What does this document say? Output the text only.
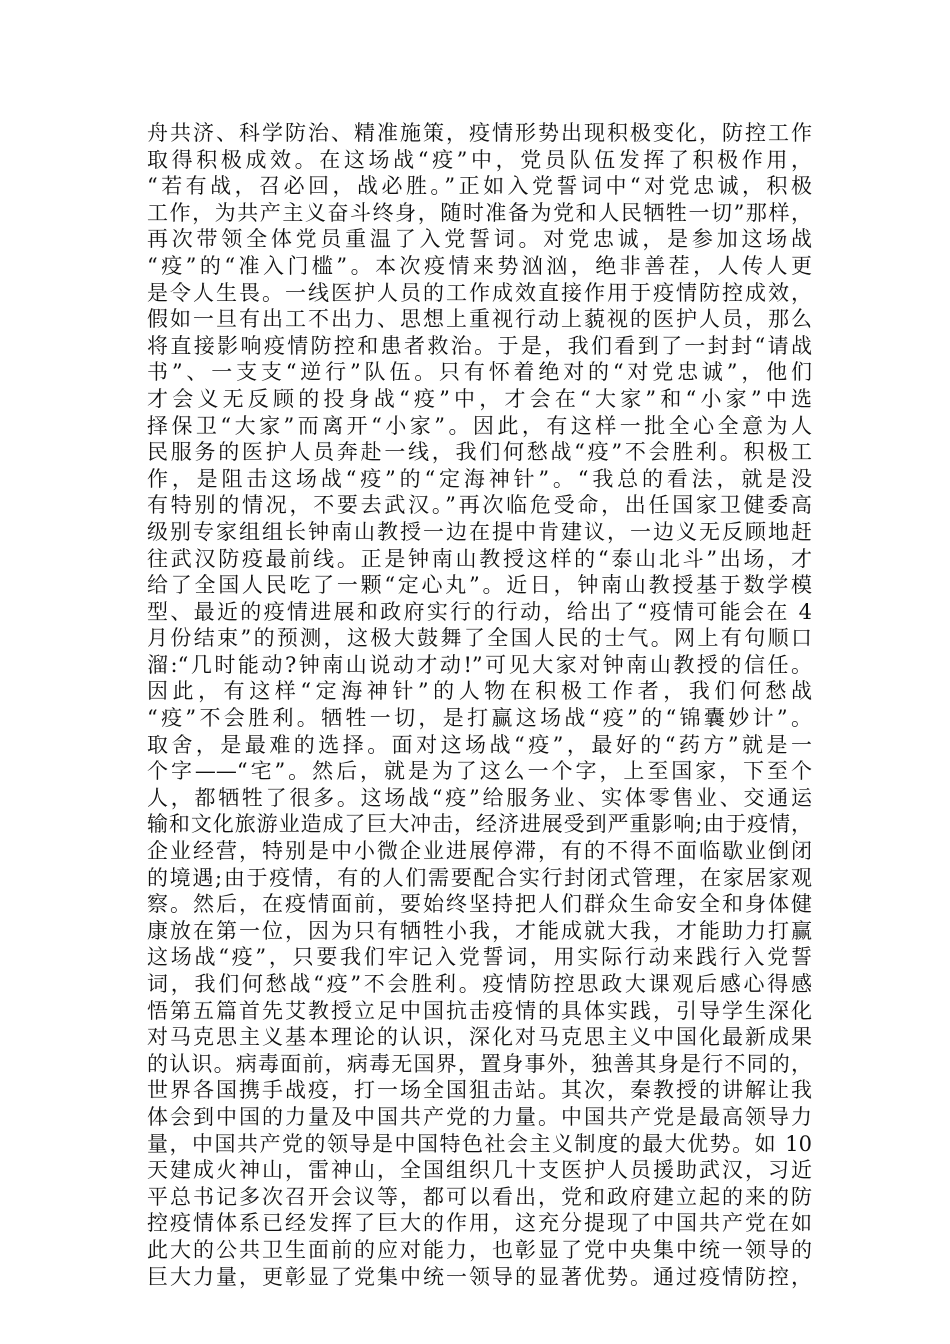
舟共济、科学防治、精准施策，疫情形势出现积极变化，防控工作
取得积极成效。在这场战“疫”中，党员队伍发挥了积极作用，
“若有战，召必回，战必胜。”正如入党誓词中“对党忠诚，积极
工作，为共产主义奋斗终身，随时准备为党和人民牺牲一切”那样，
再次带领全体党员重温了入党誓词。对党忠诚，是参加这场战
“疫”的“准入门槛”。本次疫情来势汹汹，绝非善茬，人传人更
是令人生畏。一线医护人员的工作成效直接作用于疫情防控成效，
假如一旦有出工不出力、思想上重视行动上藐视的医护人员，那么
将直接影响疫情防控和患者救治。于是，我们看到了一封封“请战
书”、一支支“逆行”队伍。只有怀着绝对的“对党忠诚”，他们
才会义无反顾的投身战“疫”中，才会在“大家”和“小家”中选
择保卫“大家”而离开“小家”。因此，有这样一批全心全意为人
民服务的医护人员奔赴一线，我们何愁战“疫”不会胜利。积极工
作，是阻击这场战“疫”的“定海神针”。“我总的看法，就是没
有特别的情况，不要去武汉。”再次临危受命，出任国家卫健委高
级别专家组组长钟南山教授一边在提中肯建议，一边义无反顾地赶
往武汉防疫最前线。正是钟南山教授这样的“泰山北斗”出场，才
给了全国人民吃了一颗“定心丸”。近日，钟南山教授基于数学模
型、最近的疫情进展和政府实行的行动，给出了“疫情可能会在 4
月份结束”的预测，这极大鼓舞了全国人民的士气。网上有句顺口
溜:“几时能动?钟南山说动才动!”可见大家对钟南山教授的信任。
因此，有这样“定海神针”的人物在积极工作者，我们何愁战
“疫”不会胜利。牺牲一切，是打赢这场战“疫”的“锦囊妙计”。
取舍，是最难的选择。面对这场战“疫”，最好的“药方”就是一
个字——“宅”。然后，就是为了这么一个字，上至国家，下至个
人，都牺牲了很多。这场战“疫”给服务业、实体零售业、交通运
输和文化旅游业造成了巨大冲击，经济进展受到严重影响;由于疫情，
企业经营，特别是中小微企业进展停滞，有的不得不面临歇业倒闭
的境遇;由于疫情，有的人们需要配合实行封闭式管理，在家居家观
察。然后，在疫情面前，要始终坚持把人们群众生命安全和身体健
康放在第一位，因为只有牺牲小我，才能成就大我，才能助力打赢
这场战“疫”，只要我们牢记入党誓词，用实际行动来践行入党誓
词，我们何愁战“疫”不会胜利。疫情防控思政大课观后感心得感
悟第五篇首先艾教授立足中国抗击疫情的具体实践，引导学生深化
对马克思主义基本理论的认识，深化对马克思主义中国化最新成果
的认识。病毒面前，病毒无国界，置身事外，独善其身是行不同的，
世界各国携手战疫，打一场全国狙击站。其次，秦教授的讲解让我
体会到中国的力量及中国共产党的力量。中国共产党是最高领导力
量，中国共产党的领导是中国特色社会主义制度的最大优势。如 10
天建成火神山，雷神山，全国组织几十支医护人员援助武汉，习近
平总书记多次召开会议等，都可以看出，党和政府建立起的来的防
控疫情体系已经发挥了巨大的作用，这充分提现了中国共产党在如
此大的公共卫生面前的应对能力，也彰显了党中央集中统一领导的
巨大力量，更彰显了党集中统一领导的显著优势。通过疫情防控，
